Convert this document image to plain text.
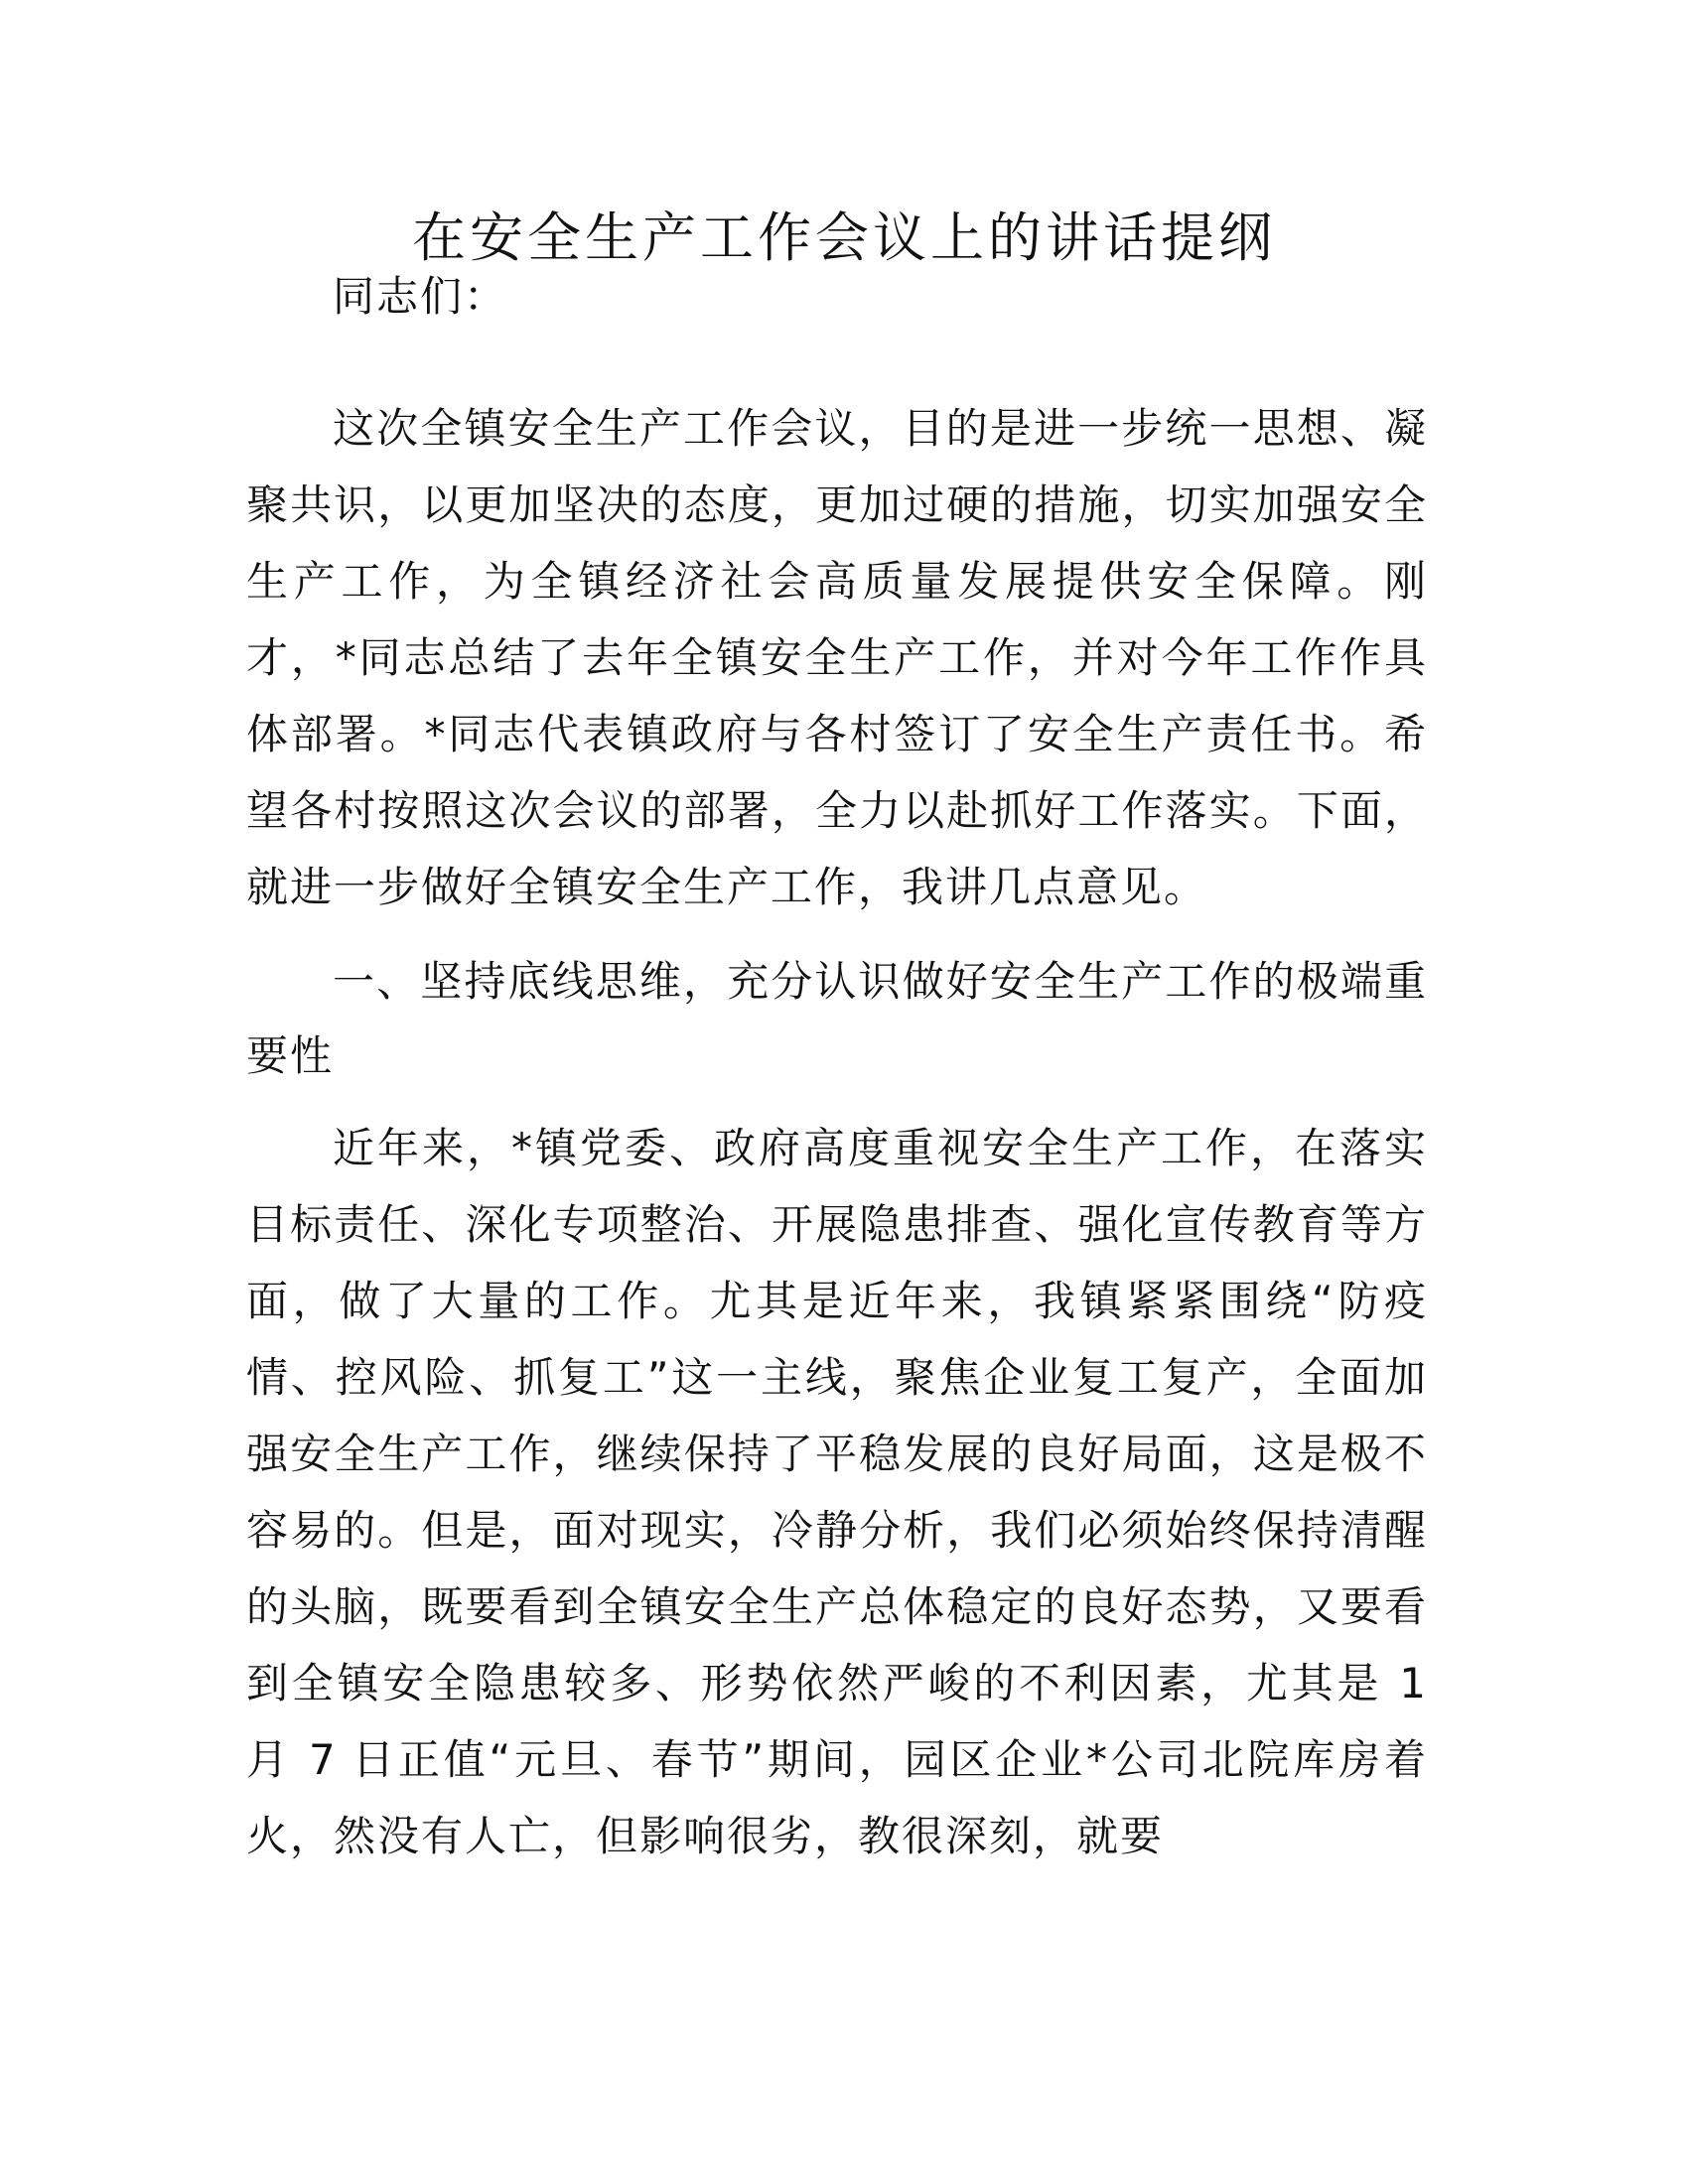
在安全生产工作会议上的讲话提纲
同志们：
这次全镇安全生产工作会议，目的是进一步统一思想、凝
聚共识，以更加坚决的态度，更加过硬的措施，切实加强安全
生产工作，为全镇经济社会高质量发展提供安全保障。刚
才，*同志总结了去年全镇安全生产工作，并对今年工作作具
体部署。*同志代表镇政府与各村签订了安全生产责任书。希
望各村按照这次会议的部署，全力以赴抓好工作落实。下面，
就进一步做好全镇安全生产工作，我讲几点意见。
一、坚持底线思维，充分认识做好安全生产工作的极端重
要性
近年来，*镇党委、政府高度重视安全生产工作，在落实
目标责任、深化专项整治、开展隐患排查、强化宣传教育等方
面，做了大量的工作。尤其是近年来，我镇紧紧围绕“防疫
情、控风险、抓复工”这一主线，聚焦企业复工复产，全面加
强安全生产工作，继续保持了平稳发展的良好局面，这是极不
容易的。但是，面对现实，冷静分析，我们必须始终保持清醒
的头脑，既要看到全镇安全生产总体稳定的良好态势，又要看
到全镇安全隐患较多、形势依然严峻的不利因素，尤其是 1
月 7 日正值“元旦、春节”期间，园区企业*公司北院库房着
火，然没有人亡，但影响很劣，教很深刻，就要
